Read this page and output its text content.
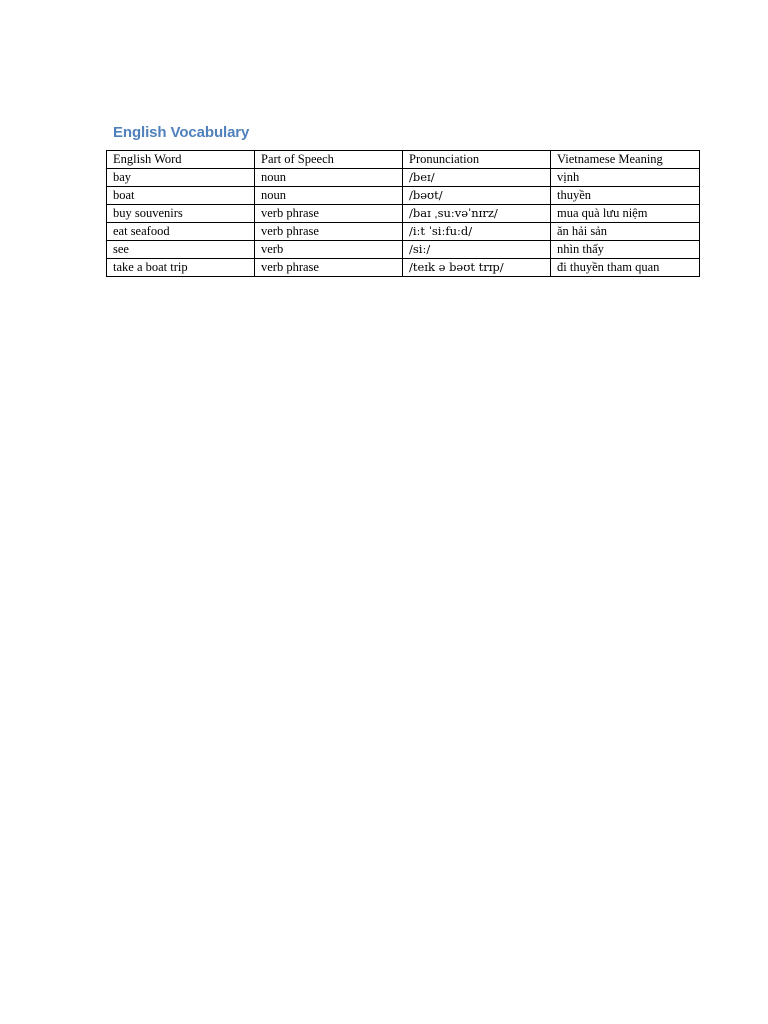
English Vocabulary
English Word	Part of Speech	Pronunciation	Vietnamese Meaning
bay	noun	/beɪ/	vịnh
boat	noun	/bəʊt/	thuyền
buy souvenirs	verb phrase	/baɪ ˌsuːvəˈnɪrz/	mua quà lưu niệm
eat seafood	verb phrase	/iːt ˈsiːfuːd/	ăn hải sản
see	verb	/siː/	nhìn thấy
take a boat trip	verb phrase	/teɪk ə bəʊt trɪp/	đi thuyền tham quan
